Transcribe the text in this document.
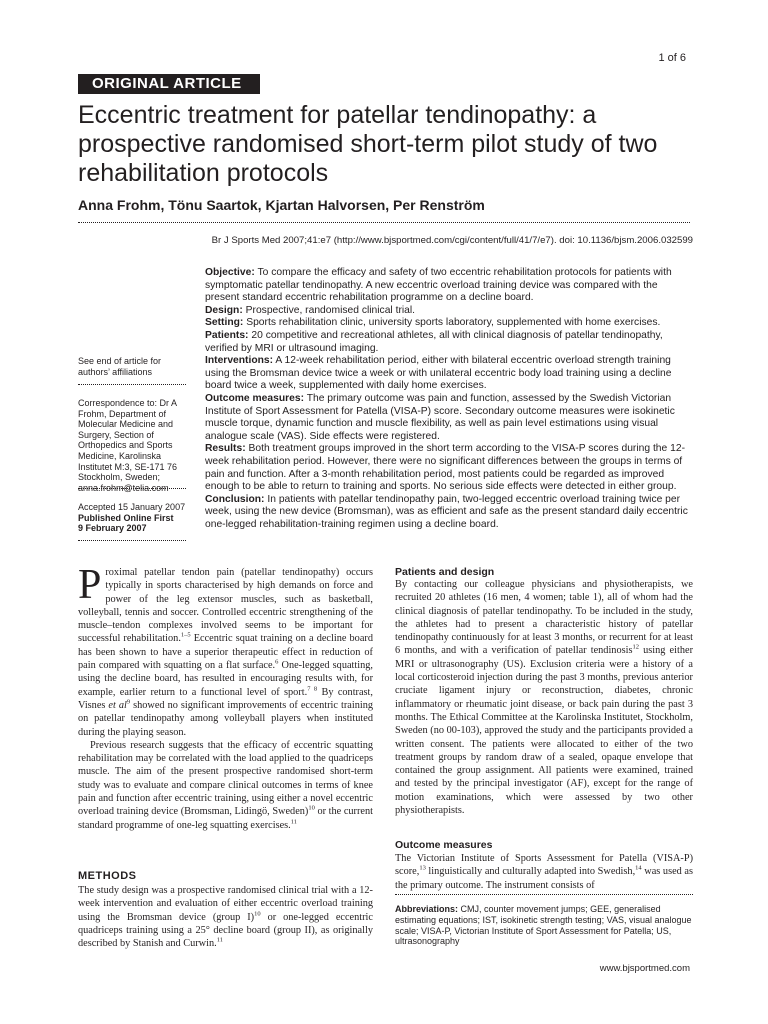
1 of 6
ORIGINAL ARTICLE
Eccentric treatment for patellar tendinopathy: a prospective randomised short-term pilot study of two rehabilitation protocols
Anna Frohm, Tönu Saartok, Kjartan Halvorsen, Per Renström
Br J Sports Med 2007;41:e7 (http://www.bjsportmed.com/cgi/content/full/41/7/e7). doi: 10.1136/bjsm.2006.032599

Objective: To compare the efficacy and safety of two eccentric rehabilitation protocols for patients with symptomatic patellar tendinopathy. A new eccentric overload training device was compared with the present standard eccentric rehabilitation programme on a decline board.

Design: Prospective, randomised clinical trial.

Setting: Sports rehabilitation clinic, university sports laboratory, supplemented with home exercises.

Patients: 20 competitive and recreational athletes, all with clinical diagnosis of patellar tendinopathy, verified by MRI or ultrasound imaging.

Interventions: A 12-week rehabilitation period, either with bilateral eccentric overload strength training using the Bromsman device twice a week or with unilateral eccentric body load training using a decline board twice a week, supplemented with daily home exercises.

Outcome measures: The primary outcome was pain and function, assessed by the Swedish Victorian Institute of Sport Assessment for Patella (VISA-P) score. Secondary outcome measures were isokinetic muscle torque, dynamic function and muscle flexibility, as well as pain level estimations using visual analogue scale (VAS). Side effects were registered.

Results: Both treatment groups improved in the short term according to the VISA-P scores during the 12-week rehabilitation period. However, there were no significant differences between the groups in terms of pain and function. After a 3-month rehabilitation period, most patients could be regarded as improved enough to be able to return to training and sports. No serious side effects were detected in either group.

Conclusion: In patients with patellar tendinopathy pain, two-legged eccentric overload training twice per week, using the new device (Bromsman), was as efficient and safe as the present standard daily eccentric one-legged rehabilitation-training regimen using a decline board.

See end of article for authors’ affiliations
Correspondence to: Dr A Frohm, Department of Molecular Medicine and Surgery, Section of Orthopedics and Sports Medicine, Karolinska Institutet M:3, SE-171 76 Stockholm, Sweden; anna.frohm@telia.com
Accepted 15 January 2007
Published Online First
9 February 2007

Proximal patellar tendon pain (patellar tendinopathy) occurs typically in sports characterised by high demands on force and power of the leg extensor muscles, such as basketball, volleyball, tennis and soccer. Controlled eccentric strengthening of the muscle–tendon complexes involved seems to be important for successful rehabilitation.$^{1-5}$ Eccentric squat training on a decline board has been shown to have a superior therapeutic effect in reduction of pain compared with squatting on a flat surface.$^6$ One-legged squatting, using the decline board, has resulted in encouraging results with, for example, earlier return to a functional level of sport.$^{7 8}$ By contrast, Visnes et $al^9$ showed no significant improvements of eccentric training on patellar tendinopathy among volleyball players when instituted during the playing season.

Previous research suggests that the efficacy of eccentric squatting rehabilitation may be correlated with the load applied to the quadriceps muscle. The aim of the present prospective randomised short-term study was to evaluate and compare clinical outcomes in terms of knee pain and function after eccentric training, using either a novel eccentric overload training device (Bromsman, Lidingö, Sweden)$^{10}$ or the current standard programme of one-leg squatting exercises.$^{11}$

METHODS
The study design was a prospective randomised clinical trial with a 12-week intervention and evaluation of either eccentric overload training using the Bromsman device (group I)$^{10}$ or one-legged eccentric quadriceps training using a 25° decline board (group II), as originally described by Stanish and Curwin.$^{11}$
Patients and design
By contacting our colleague physicians and physiotherapists, we recruited 20 athletes (16 men, 4 women; table 1), all of whom had the clinical diagnosis of patellar tendinopathy. To be included in the study, the athletes had to present a characteristic history of patellar tendinopathy continuously for at least 3 months, or recurrent for at least 6 months, and with a verification of patellar tendinosis$^{12}$ using either MRI or ultrasonography (US). Exclusion criteria were a history of a local corticosteroid injection during the past 3 months, previous anterior cruciate ligament injury or reconstruction, diabetes, chronic inflammatory or rheumatic joint disease, or back pain during the past 3 months. The Ethical Committee at the Karolinska Institutet, Stockholm, Sweden (no 00-103), approved the study and the participants provided a written consent. The patients were allocated to either of the two treatment groups by random draw of a sealed, opaque envelope that contained the group assignment. All patients were examined, trained and tested by the principal investigator (AF), except for the range of motion examinations, which were assessed by two other physiotherapists.
Outcome measures
The Victorian Institute of Sports Assessment for Patella (VISA-P) score,$^{13}$ linguistically and culturally adapted into Swedish,$^{14}$ was used as the primary outcome. The instrument consists of
Abbreviations: CMJ, counter movement jumps; GEE, generalised estimating equations; IST, isokinetic strength testing; VAS, visual analogue scale; VISA-P, Victorian Institute of Sport Assessment for Patella; US, ultrasonography
www.bjsportmed.com
